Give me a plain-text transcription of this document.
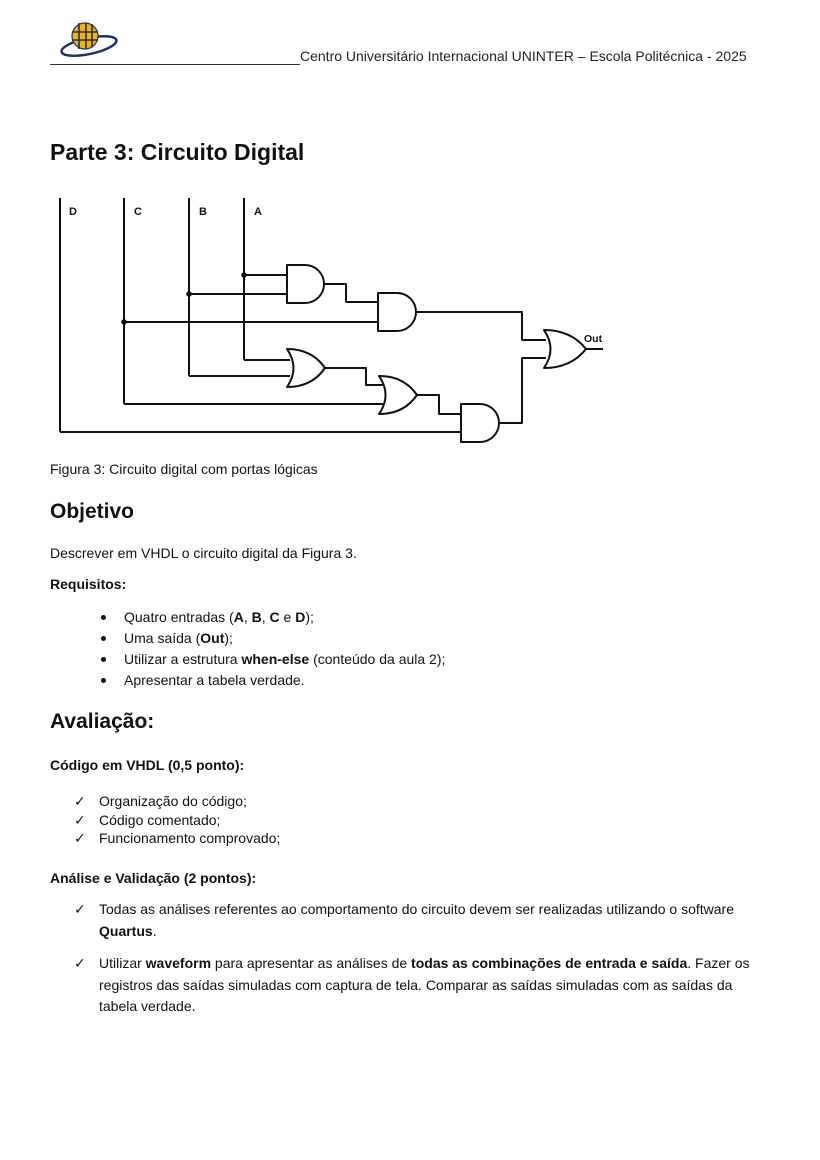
Centro Universitário Internacional UNINTER – Escola Politécnica - 2025
Parte 3: Circuito Digital
D	C	B	A
Out
Figura 3: Circuito digital com portas lógicas
Objetivo
Descrever em VHDL o circuito digital da Figura 3.
Requisitos:
Quatro entradas (A, B, C e D);
Uma saída (Out);
Utilizar a estrutura when-else (conteúdo da aula 2);
Apresentar a tabela verdade.
Avaliação:
Código em VHDL (0,5 ponto):
✓ Organização do código;
✓ Código comentado;
✓ Funcionamento comprovado;
Análise e Validação (2 pontos):
✓ Todas as análises referentes ao comportamento do circuito devem ser realizadas utilizando o software Quartus.
✓ Utilizar waveform para apresentar as análises de todas as combinações de entrada e saída. Fazer os registros das saídas simuladas com captura de tela. Comparar as saídas simuladas com as saídas da tabela verdade.
